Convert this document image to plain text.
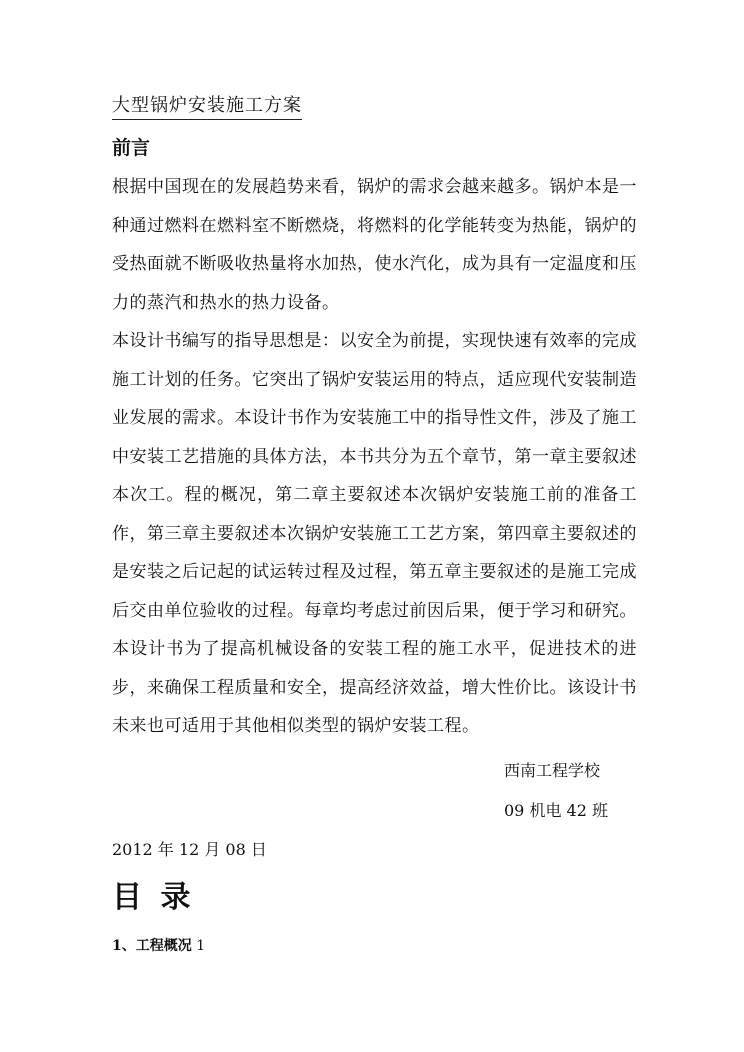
大型锅炉安装施工方案
前言
根据中国现在的发展趋势来看，锅炉的需求会越来越多。锅炉本是一种通过燃料在燃料室不断燃烧，将燃料的化学能转变为热能，锅炉的受热面就不断吸收热量将水加热，使水汽化，成为具有一定温度和压力的蒸汽和热水的热力设备。
本设计书编写的指导思想是：以安全为前提，实现快速有效率的完成施工计划的任务。它突出了锅炉安装运用的特点，适应现代安装制造业发展的需求。本设计书作为安装施工中的指导性文件，涉及了施工中安装工艺措施的具体方法，本书共分为五个章节，第一章主要叙述本次工。程的概况，第二章主要叙述本次锅炉安装施工前的准备工作，第三章主要叙述本次锅炉安装施工工艺方案，第四章主要叙述的是安装之后记起的试运转过程及过程，第五章主要叙述的是施工完成后交由单位验收的过程。每章均考虑过前因后果，便于学习和研究。
本设计书为了提高机械设备的安装工程的施工水平，促进技术的进步，来确保工程质量和安全，提高经济效益，增大性价比。该设计书未来也可适用于其他相似类型的锅炉安装工程。
西南工程学校
09 机电 42 班
2012 年 12 月 08 日
目 录
1、工程概况 1
